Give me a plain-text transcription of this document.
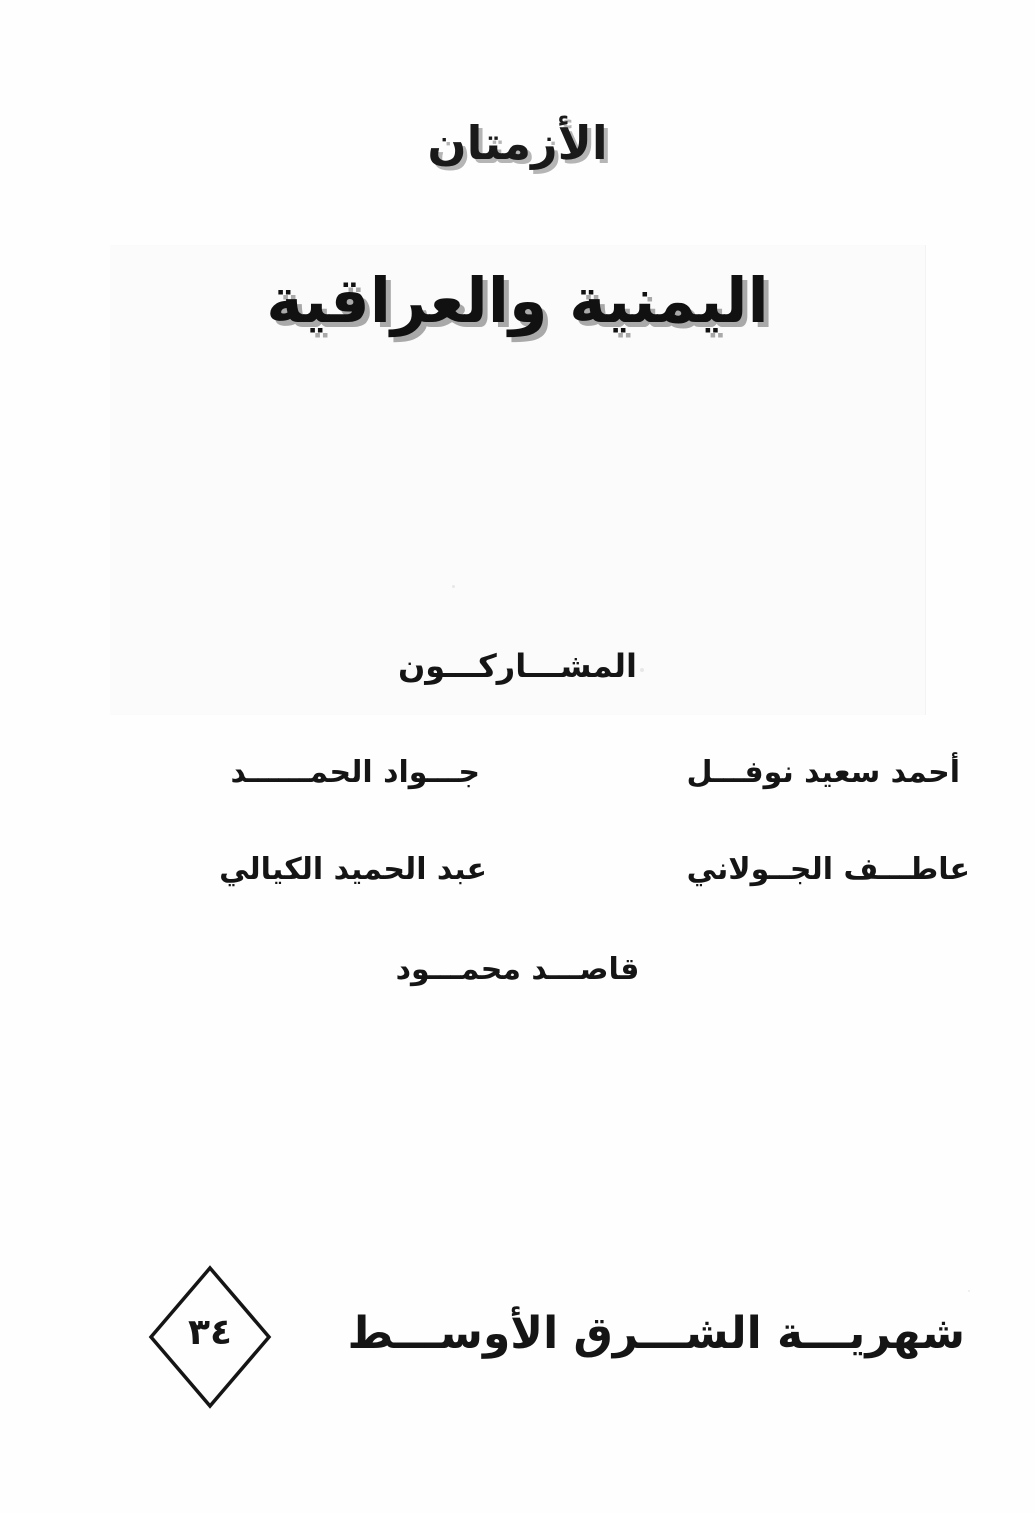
الأزمتان
اليمنية والعراقية
المشـــاركـــون
أحمد سعيد نوفـــل
جـــواد الحمــــــد
عاطـــف الجــولاني
عبد الحميد الكيالي
قاصـــد محمـــود
شهريـــة الشـــرق الأوســـط
٣٤
